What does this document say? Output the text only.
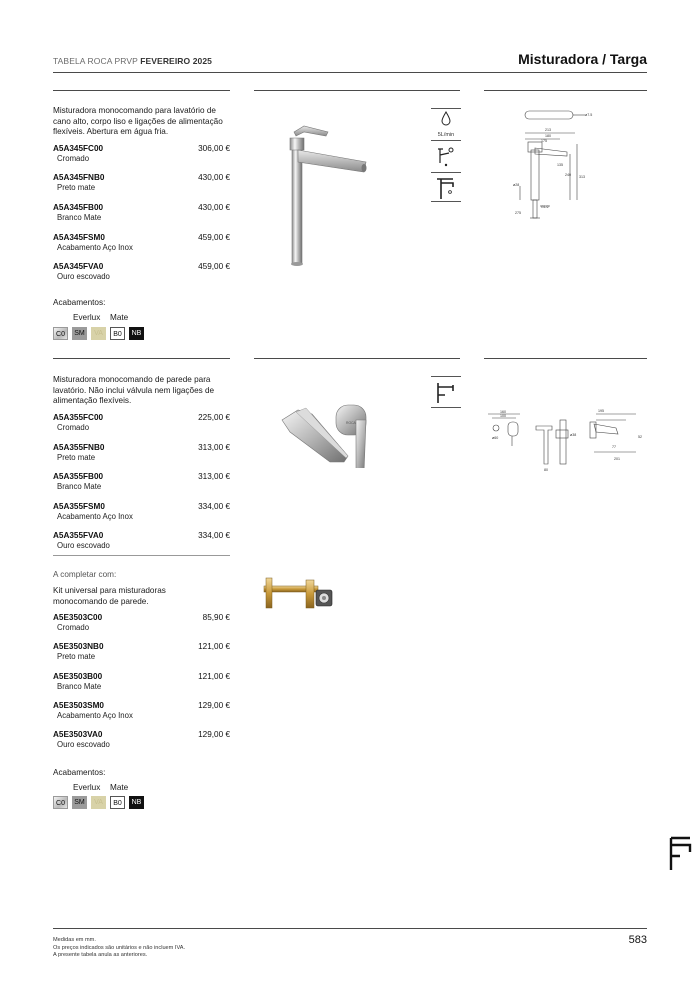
TABELA ROCA PRVP FEVEREIRO 2025	Misturadora / Targa
Misturadora monocomando para lavatório de cano alto, corpo liso e ligações de alimentação flexíveis. Abertura em água fria.
A5A345FC00	306,00 €
Cromado
A5A345FNB0	430,00 €
Preto mate
A5A345FB00	430,00 €
Branco Mate
A5A345FSM0	459,00 €
Acabamento Aço Inox
A5A345FVA0	459,00 €
Ouro escovado
Acabamentos:
Everlux Mate
C0	SM	VA	B0	NB
5L/min
213
180
175
313
240
ø28
G1/2
275
ø7.5
135
Misturadora monocomando de parede para lavatório. Não inclui válvula nem ligações de alimentação flexíveis.
A5A355FC00	225,00 €
Cromado
A5A355FNB0	313,00 €
Preto mate
A5A355FB00	313,00 €
Branco Mate
A5A355FSM0	334,00 €
Acabamento Aço Inox
A5A355FVA0	334,00 €
Ouro escovado
A completar com:
Kit universal para misturadoras monocomando de parede.
A5E3503C00	85,90 €
Cromado
A5E3503NB0	121,00 €
Preto mate
A5E3503B00	121,00 €
Branco Mate
A5E3503SM0	129,00 €
Acabamento Aço Inox
A5E3503VA0	129,00 €
Ouro escovado
Acabamentos:
Everlux Mate
C0	SM	VA	B0	NB
ROCA
160
100
ø60
ø38
80
195
77
52
201
Medidas em mm.
Os preços indicados são unitários e não incluem IVA.
A presente tabela anula as anteriores.
583
